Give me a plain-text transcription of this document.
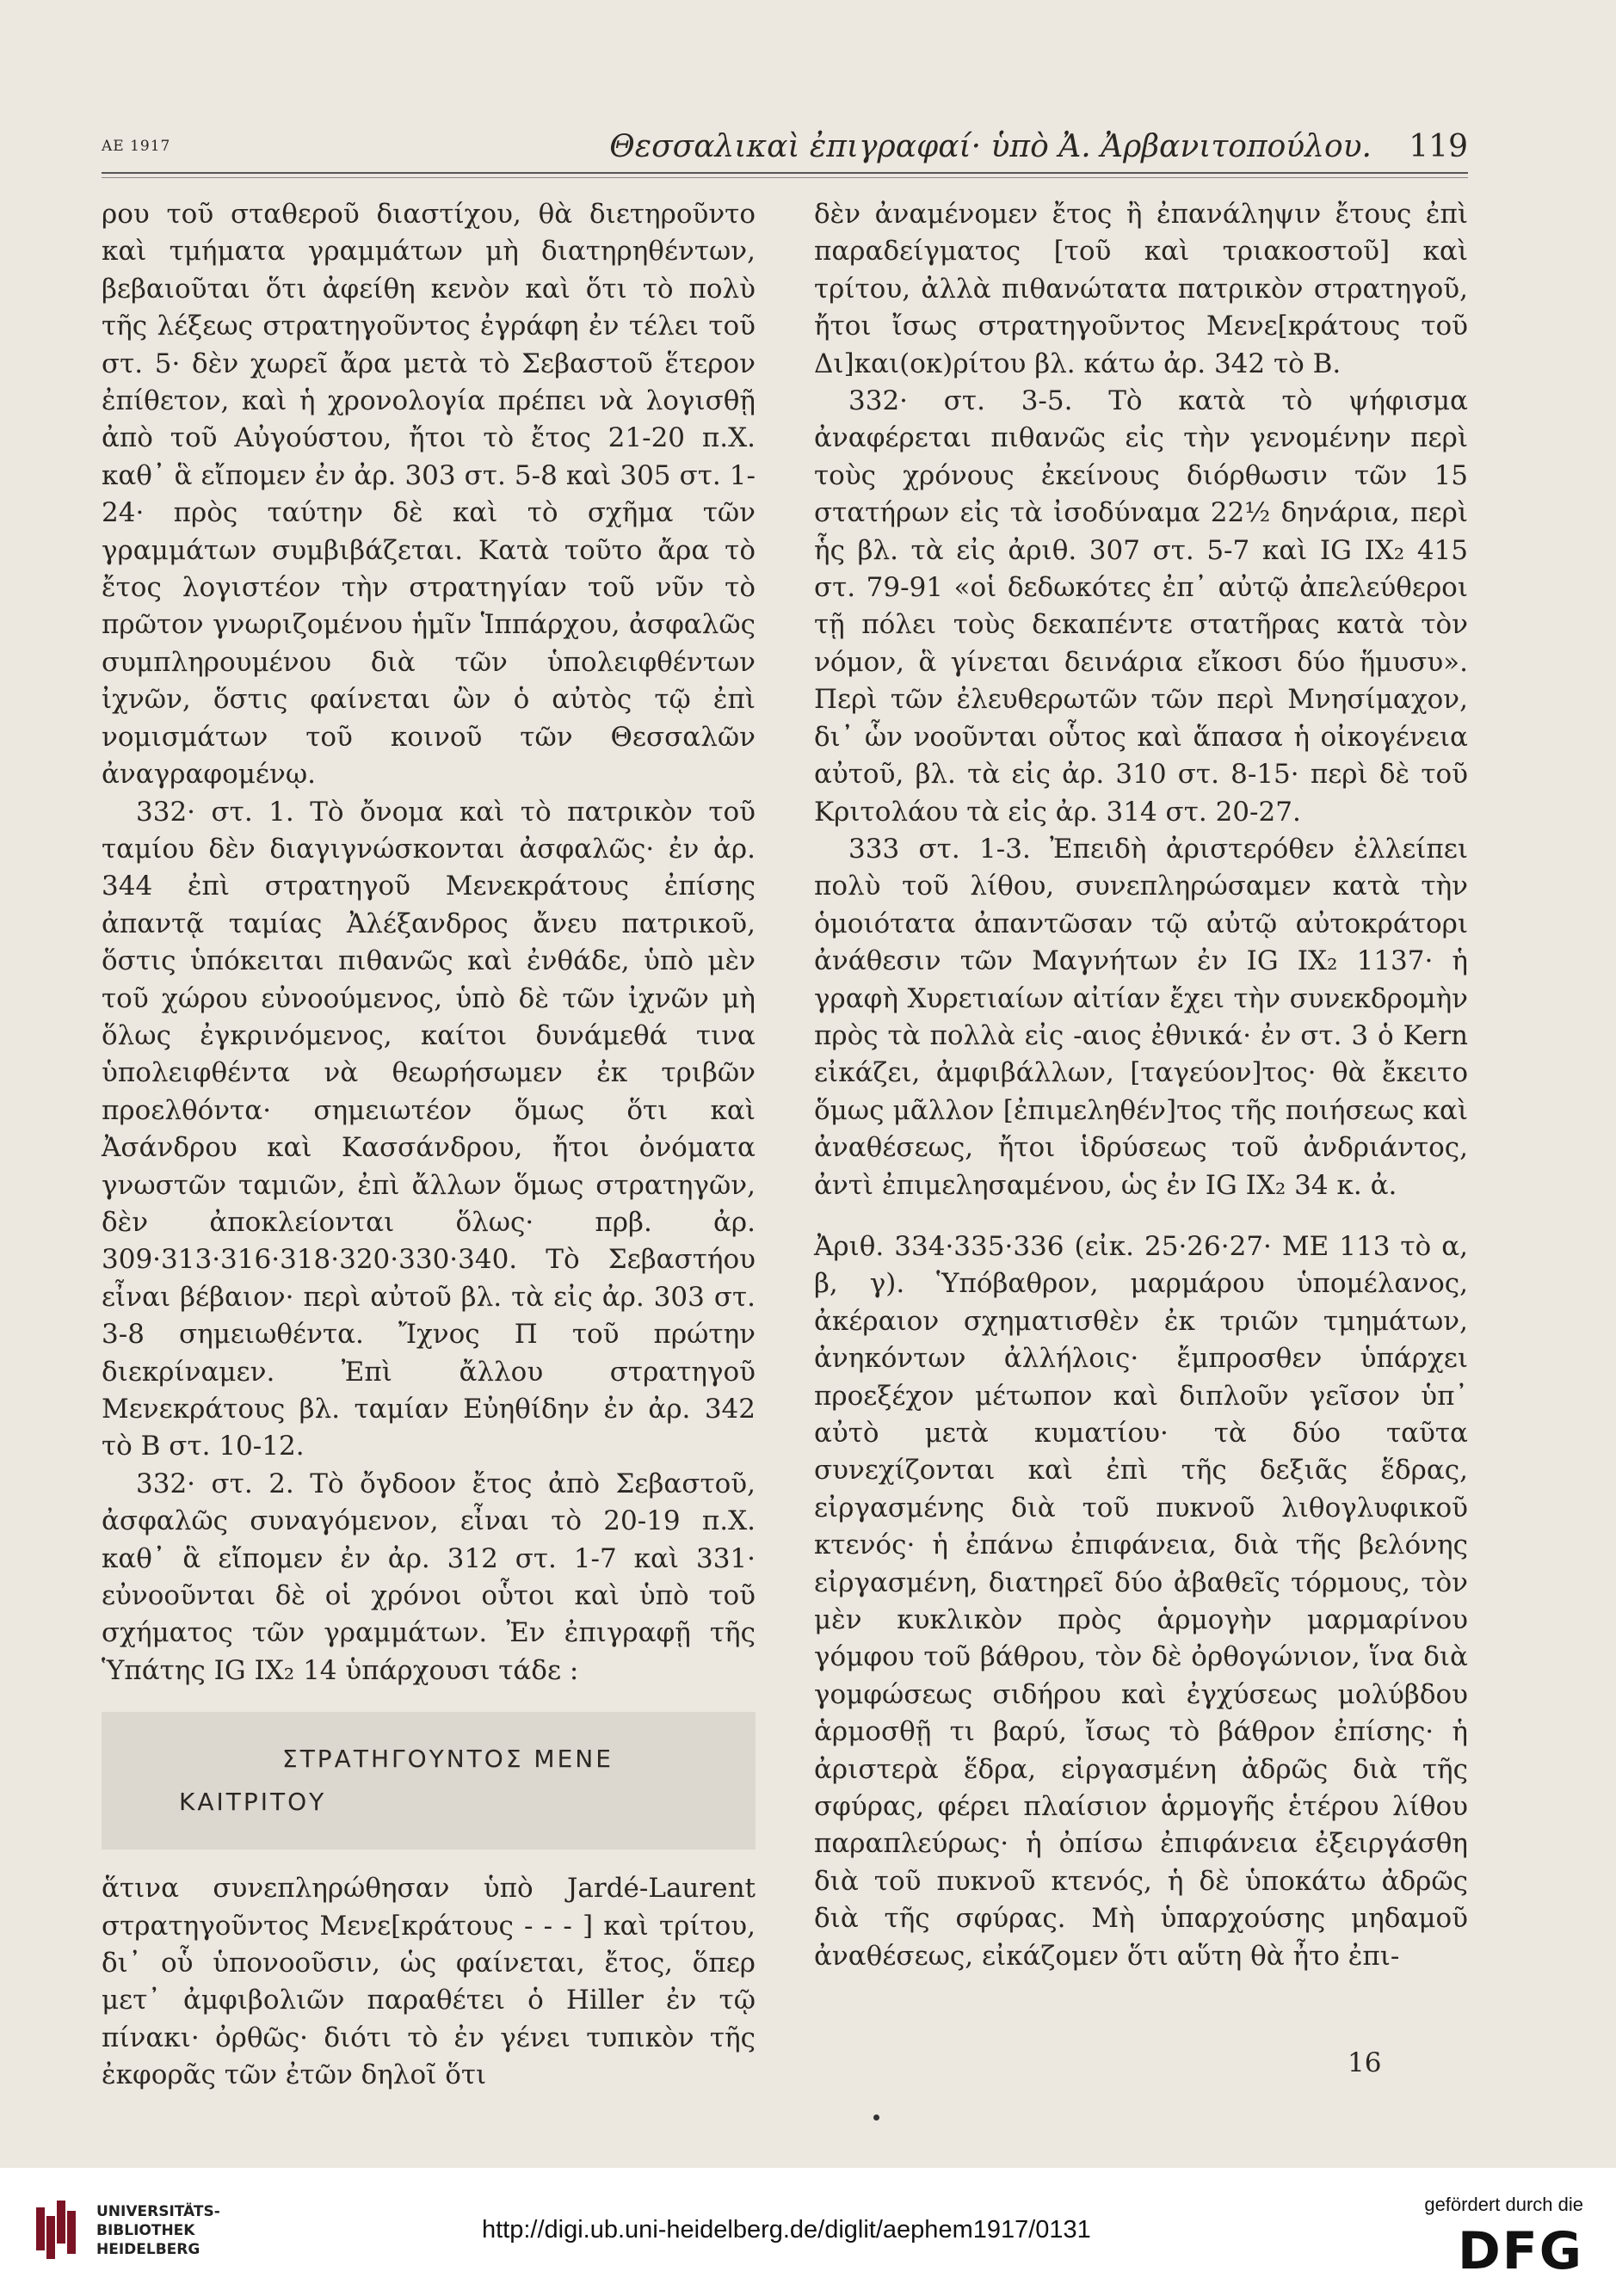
ΑΕ 1917	Θεσσαλικαὶ ἐπιγραφαί· ὑπὸ Ἀ. Ἀρβανιτοπούλου. 119

ρου τοῦ σταθεροῦ διαστίχου, θὰ διετηροῦντο καὶ τμήματα γραμμάτων μὴ διατηρηθέντων, βεβαιοῦται ὅτι ἀφείθη κενὸν καὶ ὅτι τὸ πολὺ τῆς λέξεως στρατηγοῦντος ἐγράφη ἐν τέλει τοῦ στ. 5· δὲν χωρεῖ ἄρα μετὰ τὸ Σεβαστοῦ ἕτερον ἐπίθετον, καὶ ἡ χρονολογία πρέπει νὰ λογισθῇ ἀπὸ τοῦ Αὐγούστου, ἤτοι τὸ ἔτος 21-20 π.Χ. καθ᾽ ἃ εἴπομεν ἐν ἀρ. 303 στ. 5-8 καὶ 305 στ. 1-24· πρὸς ταύτην δὲ καὶ τὸ σχῆμα τῶν γραμμάτων συμβιβάζεται. Κατὰ τοῦτο ἄρα τὸ ἔτος λογιστέον τὴν στρατηγίαν τοῦ νῦν τὸ πρῶτον γνωριζομένου ἡμῖν Ἱππάρχου, ἀσφαλῶς συμπληρουμένου διὰ τῶν ὑπολειφθέντων ἰχνῶν, ὅστις φαίνεται ὢν ὁ αὐτὸς τῷ ἐπὶ νομισμάτων τοῦ κοινοῦ τῶν Θεσσαλῶν ἀναγραφομένῳ.

332· στ. 1. Τὸ ὄνομα καὶ τὸ πατρικὸν τοῦ ταμίου δὲν διαγιγνώσκονται ἀσφαλῶς· ἐν ἀρ. 344 ἐπὶ στρατηγοῦ Μενεκράτους ἐπίσης ἀπαντᾷ ταμίας Ἀλέξανδρος ἄνευ πατρικοῦ, ὅστις ὑπόκειται πιθανῶς καὶ ἐνθάδε, ὑπὸ μὲν τοῦ χώρου εὐνοούμενος, ὑπὸ δὲ τῶν ἰχνῶν μὴ ὅλως ἐγκρινόμενος, καίτοι δυνάμεθά τινα ὑπολειφθέντα νὰ θεωρήσωμεν ἐκ τριβῶν προελθόντα· σημειωτέον ὅμως ὅτι καὶ Ἀσάνδρου καὶ Κασσάνδρου, ἤτοι ὀνόματα γνωστῶν ταμιῶν, ἐπὶ ἄλλων ὅμως στρατηγῶν, δὲν ἀποκλείονται ὅλως· πρβ. ἀρ. 309·313·316·318·320·330·340. Τὸ Σεβαστήου εἶναι βέβαιον· περὶ αὐτοῦ βλ. τὰ εἰς ἀρ. 303 στ. 3-8 σημειωθέντα. Ἴχνος Π τοῦ πρώτην διεκρίναμεν. Ἐπὶ ἄλλου στρατηγοῦ Μενεκράτους βλ. ταμίαν Εὐηθίδην ἐν ἀρ. 342 τὸ Β στ. 10-12.

332· στ. 2. Τὸ ὄγδοον ἔτος ἀπὸ Σεβαστοῦ, ἀσφαλῶς συναγόμενον, εἶναι τὸ 20-19 π.Χ. καθ᾽ ἃ εἴπομεν ἐν ἀρ. 312 στ. 1-7 καὶ 331· εὐνοοῦνται δὲ οἱ χρόνοι οὗτοι καὶ ὑπὸ τοῦ σχήματος τῶν γραμμάτων. Ἐν ἐπιγραφῇ τῆς Ὑπάτης IG IX₂ 14 ὑπάρχουσι τάδε :

ΣΤΡΑΤΗΓΟΥΝΤΟΣ ΜΕΝΕ
ΚΑΙΤΡΙΤΟΥ

ἅτινα συνεπληρώθησαν ὑπὸ Jardé-Laurent στρατηγοῦντος Μενε[κράτους - - - ] καὶ τρίτου, δι᾽ οὗ ὑπονοοῦσιν, ὡς φαίνεται, ἔτος, ὅπερ μετ᾽ ἀμφιβολιῶν παραθέτει ὁ Hiller ἐν τῷ πίνακι· ὀρθῶς· διότι τὸ ἐν γένει τυπικὸν τῆς ἐκφορᾶς τῶν ἐτῶν δηλοῖ ὅτι

δὲν ἀναμένομεν ἔτος ἢ ἐπανάληψιν ἔτους ἐπὶ παραδείγματος [τοῦ καὶ τριακοστοῦ] καὶ τρίτου, ἀλλὰ πιθανώτατα πατρικὸν στρατηγοῦ, ἤτοι ἴσως στρατηγοῦντος Μενε[κράτους τοῦ Δι]και(οκ)ρίτου βλ. κάτω ἀρ. 342 τὸ Β.

332· στ. 3-5. Τὸ κατὰ τὸ ψήφισμα ἀναφέρεται πιθανῶς εἰς τὴν γενομένην περὶ τοὺς χρόνους ἐκείνους διόρθωσιν τῶν 15 στατήρων εἰς τὰ ἰσοδύναμα 22½ δηνάρια, περὶ ἧς βλ. τὰ εἰς ἀριθ. 307 στ. 5-7 καὶ IG IX₂ 415 στ. 79-91 «οἱ δεδωκότες ἐπ᾽ αὐτῷ ἀπελεύθεροι τῇ πόλει τοὺς δεκαπέντε στατῆρας κατὰ τὸν νόμον, ἃ γίνεται δεινάρια εἴκοσι δύο ἥμυσυ». Περὶ τῶν ἐλευθερωτῶν τῶν περὶ Μνησίμαχον, δι᾽ ὧν νοοῦνται οὗτος καὶ ἅπασα ἡ οἰκογένεια αὐτοῦ, βλ. τὰ εἰς ἀρ. 310 στ. 8-15· περὶ δὲ τοῦ Κριτολάου τὰ εἰς ἀρ. 314 στ. 20-27.

333 στ. 1-3. Ἐπειδὴ ἀριστερόθεν ἐλλείπει πολὺ τοῦ λίθου, συνεπληρώσαμεν κατὰ τὴν ὁμοιότατα ἀπαντῶσαν τῷ αὐτῷ αὐτοκράτορι ἀνάθεσιν τῶν Μαγνήτων ἐν IG IX₂ 1137· ἡ γραφὴ Χυρετιαίων αἰτίαν ἔχει τὴν συνεκδρομὴν πρὸς τὰ πολλὰ εἰς -αιος ἐθνικά· ἐν στ. 3 ὁ Kern εἰκάζει, ἀμφιβάλλων, [ταγεύον]τος· θὰ ἔκειτο ὅμως μᾶλλον [ἐπιμεληθέν]τος τῆς ποιήσεως καὶ ἀναθέσεως, ἤτοι ἱδρύσεως τοῦ ἀνδριάντος, ἀντὶ ἐπιμελησαμένου, ὡς ἐν IG IX₂ 34 κ. ἀ.

Ἀριθ. 334·335·336 (εἰκ. 25·26·27· ΜΕ 113 τὸ α, β, γ). Ὑπόβαθρον, μαρμάρου ὑπομέλανος, ἀκέραιον σχηματισθὲν ἐκ τριῶν τμημάτων, ἀνηκόντων ἀλλήλοις· ἔμπροσθεν ὑπάρχει προεξέχον μέτωπον καὶ διπλοῦν γεῖσον ὑπ᾽ αὐτὸ μετὰ κυματίου· τὰ δύο ταῦτα συνεχίζονται καὶ ἐπὶ τῆς δεξιᾶς ἕδρας, εἰργασμένης διὰ τοῦ πυκνοῦ λιθογλυφικοῦ κτενός· ἡ ἐπάνω ἐπιφάνεια, διὰ τῆς βελόνης εἰργασμένη, διατηρεῖ δύο ἀβαθεῖς τόρμους, τὸν μὲν κυκλικὸν πρὸς ἁρμογὴν μαρμαρίνου γόμφου τοῦ βάθρου, τὸν δὲ ὀρθογώνιον, ἵνα διὰ γομφώσεως σιδήρου καὶ ἐγχύσεως μολύβδου ἁρμοσθῇ τι βαρύ, ἴσως τὸ βάθρον ἐπίσης· ἡ ἀριστερὰ ἕδρα, εἰργασμένη ἀδρῶς διὰ τῆς σφύρας, φέρει πλαίσιον ἁρμογῆς ἑτέρου λίθου παραπλεύρως· ἡ ὀπίσω ἐπιφάνεια ἐξειργάσθη διὰ τοῦ πυκνοῦ κτενός, ἡ δὲ ὑποκάτω ἀδρῶς διὰ τῆς σφύρας. Μὴ ὑπαρχούσης μηδαμοῦ ἀναθέσεως, εἰκάζομεν ὅτι αὕτη θὰ ἦτο ἐπι-

16
UNIVERSITÄTS-
BIBLIOTHEK
HEIDELBERG
http://digi.ub.uni-heidelberg.de/diglit/aephem1917/0131
gefördert durch die
DFG
